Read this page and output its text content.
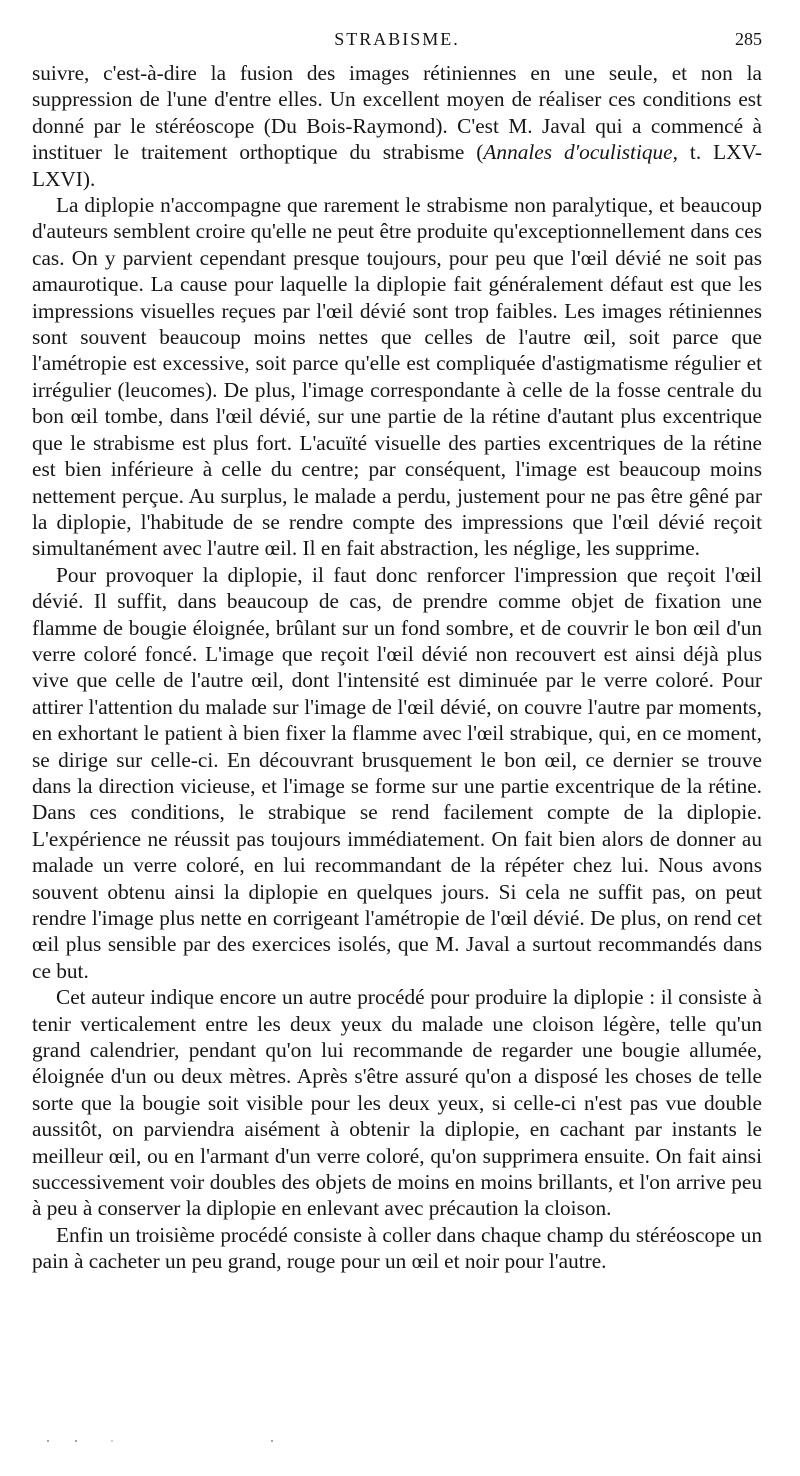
STRABISME.	285

suivre, c'est-à-dire la fusion des images rétiniennes en une seule, et non la suppression de l'une d'entre elles. Un excellent moyen de réaliser ces conditions est donné par le stéréoscope (Du Bois-Raymond). C'est M. Javal qui a commencé à instituer le traitement orthoptique du strabisme (Annales d'oculistique, t. LXV-LXVI).

La diplopie n'accompagne que rarement le strabisme non paralytique, et beaucoup d'auteurs semblent croire qu'elle ne peut être produite qu'exceptionnellement dans ces cas. On y parvient cependant presque toujours, pour peu que l'œil dévié ne soit pas amaurotique. La cause pour laquelle la diplopie fait généralement défaut est que les impressions visuelles reçues par l'œil dévié sont trop faibles. Les images rétiniennes sont souvent beaucoup moins nettes que celles de l'autre œil, soit parce que l'amétropie est excessive, soit parce qu'elle est compliquée d'astigmatisme régulier et irrégulier (leucomes). De plus, l'image correspondante à celle de la fosse centrale du bon œil tombe, dans l'œil dévié, sur une partie de la rétine d'autant plus excentrique que le strabisme est plus fort. L'acuïté visuelle des parties excentriques de la rétine est bien inférieure à celle du centre; par conséquent, l'image est beaucoup moins nettement perçue. Au surplus, le malade a perdu, justement pour ne pas être gêné par la diplopie, l'habitude de se rendre compte des impressions que l'œil dévié reçoit simultanément avec l'autre œil. Il en fait abstraction, les néglige, les supprime.

Pour provoquer la diplopie, il faut donc renforcer l'impression que reçoit l'œil dévié. Il suffit, dans beaucoup de cas, de prendre comme objet de fixation une flamme de bougie éloignée, brûlant sur un fond sombre, et de couvrir le bon œil d'un verre coloré foncé. L'image que reçoit l'œil dévié non recouvert est ainsi déjà plus vive que celle de l'autre œil, dont l'intensité est diminuée par le verre coloré. Pour attirer l'attention du malade sur l'image de l'œil dévié, on couvre l'autre par moments, en exhortant le patient à bien fixer la flamme avec l'œil strabique, qui, en ce moment, se dirige sur celle-ci. En découvrant brusquement le bon œil, ce dernier se trouve dans la direction vicieuse, et l'image se forme sur une partie excentrique de la rétine. Dans ces conditions, le strabique se rend facilement compte de la diplopie. L'expérience ne réussit pas toujours immédiatement. On fait bien alors de donner au malade un verre coloré, en lui recommandant de la répéter chez lui. Nous avons souvent obtenu ainsi la diplopie en quelques jours. Si cela ne suffit pas, on peut rendre l'image plus nette en corrigeant l'amétropie de l'œil dévié. De plus, on rend cet œil plus sensible par des exercices isolés, que M. Javal a surtout recommandés dans ce but.

Cet auteur indique encore un autre procédé pour produire la diplopie : il consiste à tenir verticalement entre les deux yeux du malade une cloison légère, telle qu'un grand calendrier, pendant qu'on lui recommande de regarder une bougie allumée, éloignée d'un ou deux mètres. Après s'être assuré qu'on a disposé les choses de telle sorte que la bougie soit visible pour les deux yeux, si celle-ci n'est pas vue double aussitôt, on parviendra aisément à obtenir la diplopie, en cachant par instants le meilleur œil, ou en l'armant d'un verre coloré, qu'on supprimera ensuite. On fait ainsi successivement voir doubles des objets de moins en moins brillants, et l'on arrive peu à peu à conserver la diplopie en enlevant avec précaution la cloison.

Enfin un troisième procédé consiste à coller dans chaque champ du stéréoscope un pain à cacheter un peu grand, rouge pour un œil et noir pour l'autre.
